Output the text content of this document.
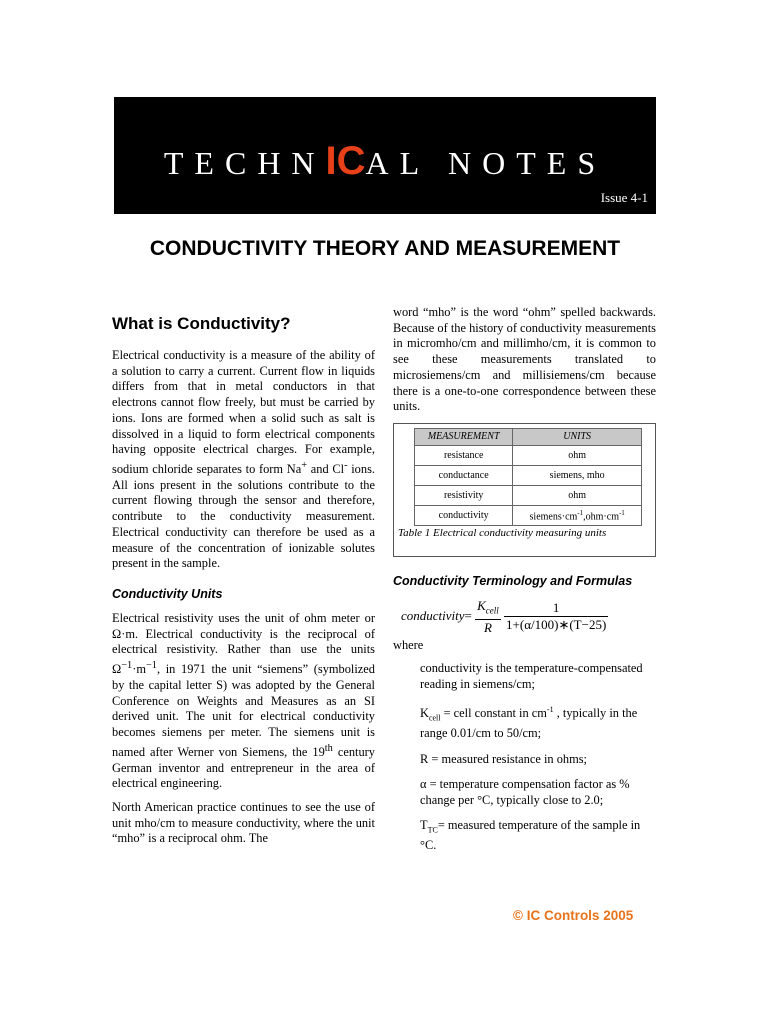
TECHNICAL NOTES
Issue 4-1
CONDUCTIVITY THEORY AND MEASUREMENT
What is Conductivity?

Electrical conductivity is a measure of the ability of a solution to carry a current. Current flow in liquids differs from that in metal conductors in that electrons cannot flow freely, but must be carried by ions. Ions are formed when a solid such as salt is dissolved in a liquid to form electrical components having opposite electrical charges. For example, sodium chloride separates to form Na+ and Cl- ions. All ions present in the solutions contribute to the current flowing through the sensor and therefore, contribute to the conductivity measurement. Electrical conductivity can therefore be used as a measure of the concentration of ionizable solutes present in the sample.

Conductivity Units

Electrical resistivity uses the unit of ohm meter or Ω·m. Electrical conductivity is the reciprocal of electrical resistivity. Rather than use the units $\Omega^{-1}\cdot m^{-1}$, in 1971 the unit “siemens” (symbolized by the capital letter S) was adopted by the General Conference on Weights and Measures as an SI derived unit. The unit for electrical conductivity becomes siemens per meter. The siemens unit is named after Werner von Siemens, the 19th century German inventor and entrepreneur in the area of electrical engineering.

North American practice continues to see the use of unit mho/cm to measure conductivity, where the unit “mho” is a reciprocal ohm. The

word “mho” is the word “ohm” spelled backwards. Because of the history of conductivity measurements in micromho/cm and millimho/cm, it is common to see these measurements translated to microsiemens/cm and millisiemens/cm because there is a one-to-one correspondence between these units.

MEASUREMENT	UNITS
resistance	ohm
conductance	siemens, mho
resistivity	ohm
conductivity	$siemens\cdot cm^{-1},ohm\cdot cm^{-1}$

Table 1 Electrical conductivity measuring units

Conductivity Terminology and Formulas
conductivity= $\frac{K_{cell}}{R}$
$\frac{1}{1+(\alpha/100)∗(T-25)}$

where

conductivity is the temperature-compensated reading in siemens/cm;

$K_{cell}$ = cell constant in $cm^{-1}$ , typically in the range 0.01/cm to 50/cm;

R = measured resistance in ohms;

α = temperature compensation factor as % change per °C, typically close to 2.0;

$T_{TC}=$ measured temperature of the sample in °C.

© IC Controls 2005
